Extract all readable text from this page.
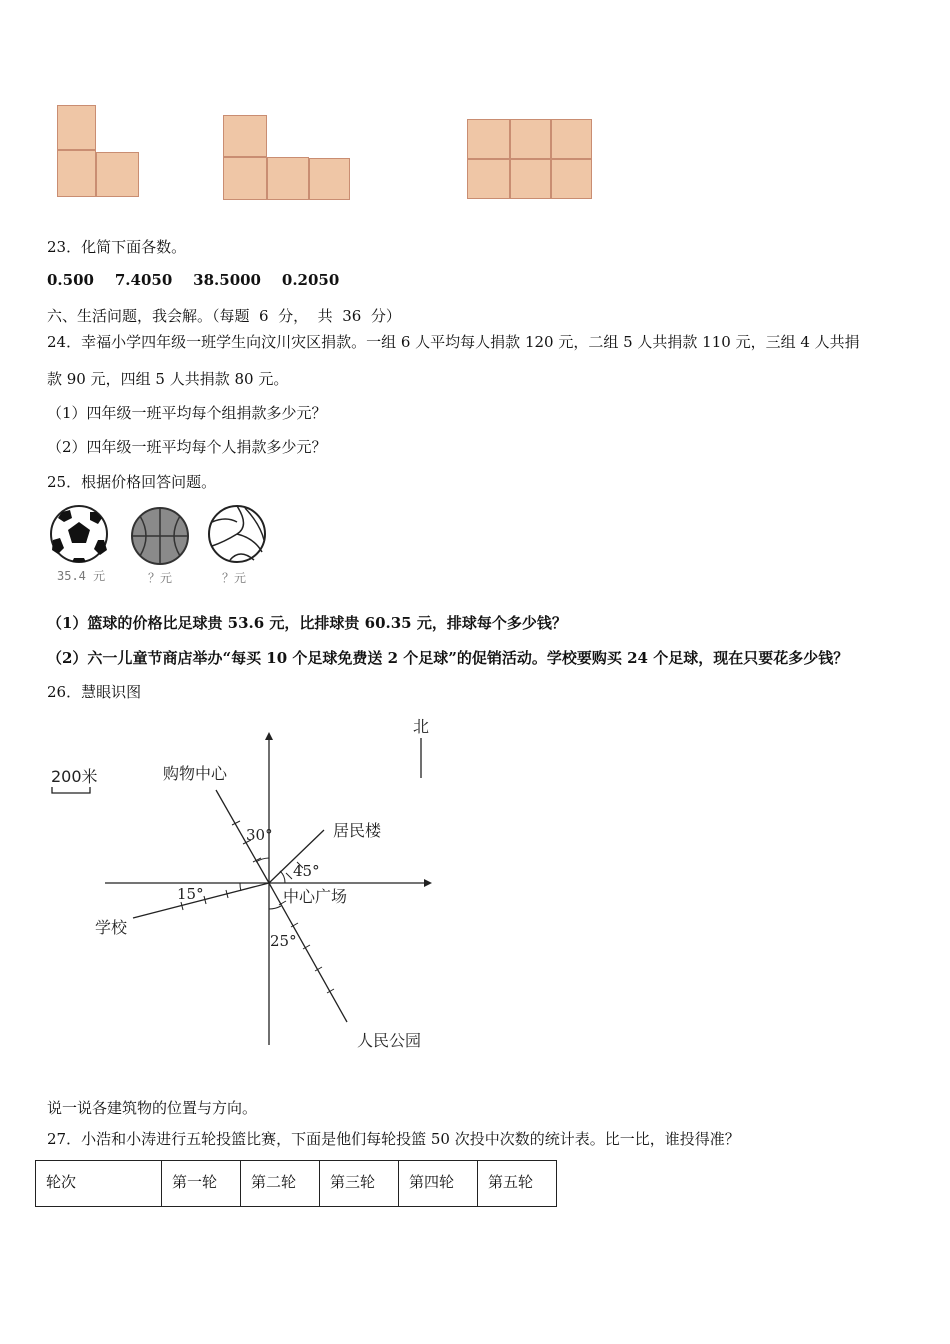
23．化简下面各数。
0.500    7.4050    38.5000    0.2050
六、生活问题，我会解。（每题  6  分，  共  36  分）
24．幸福小学四年级一班学生向汶川灾区捐款。一组 6 人平均每人捐款 120 元，二组 5 人共捐款 110 元，三组 4 人共捐
款 90 元，四组 5 人共捐款 80 元。
（1）四年级一班平均每个组捐款多少元？
（2）四年级一班平均每个人捐款多少元？
25．根据价格回答问题。
35.4 元	？元	？元
（1）篮球的价格比足球贵 53.6 元，比排球贵 60.35 元，排球每个多少钱？
（2）六一儿童节商店举办“每买 10 个足球免费送 2 个足球”的促销活动。学校要购买 24 个足球，现在只要花多少钱？
26．慧眼识图
北
200米	购物中心
居民楼
学校
人民公园
中心广场
30°
45°
15°
25°
说一说各建筑物的位置与方向。
27．小浩和小涛进行五轮投篮比赛，下面是他们每轮投篮 50 次投中次数的统计表。比一比，谁投得准？
轮次	第一轮	第二轮	第三轮	第四轮	第五轮
